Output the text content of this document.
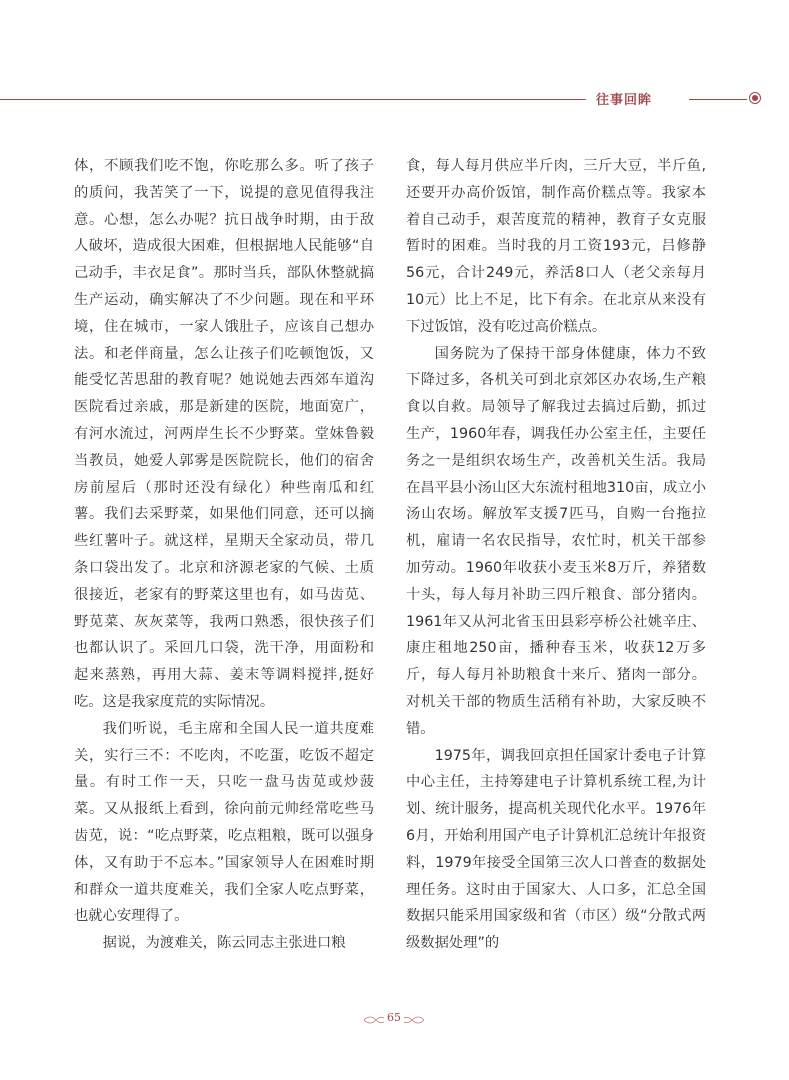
往事回眸

体，不顾我们吃不饱，你吃那么多。听了孩子的质问，我苦笑了一下，说提的意见值得我注意。心想，怎么办呢？抗日战争时期，由于敌人破坏，造成很大困难，但根据地人民能够“自己动手，丰衣足食”。那时当兵，部队休整就搞生产运动，确实解决了不少问题。现在和平环境，住在城市，一家人饿肚子，应该自己想办法。和老伴商量，怎么让孩子们吃顿饱饭，又能受忆苦思甜的教育呢？她说她去西郊车道沟医院看过亲戚，那是新建的医院，地面宽广，有河水流过，河两岸生长不少野菜。堂妹鲁毅当教员，她爱人郭雾是医院院长，他们的宿舍房前屋后（那时还没有绿化）种些南瓜和红薯。我们去采野菜，如果他们同意，还可以摘些红薯叶子。就这样，星期天全家动员，带几条口袋出发了。北京和济源老家的气候、土质很接近，老家有的野菜这里也有，如马齿苋、野苋菜、灰灰菜等，我两口熟悉，很快孩子们也都认识了。采回几口袋，洗干净，用面粉和起来蒸熟，再用大蒜、姜末等调料搅拌,挺好吃。这是我家度荒的实际情况。

我们听说，毛主席和全国人民一道共度难关，实行三不：不吃肉，不吃蛋，吃饭不超定量。有时工作一天，只吃一盘马齿苋或炒菠菜。又从报纸上看到，徐向前元帅经常吃些马齿苋，说：“吃点野菜，吃点粗粮，既可以强身体，又有助于不忘本。”国家领导人在困难时期和群众一道共度难关，我们全家人吃点野菜，也就心安理得了。

据说，为渡难关，陈云同志主张进口粮

食，每人每月供应半斤肉，三斤大豆，半斤鱼,还要开办高价饭馆，制作高价糕点等。我家本着自己动手，艰苦度荒的精神，教育子女克服暂时的困难。当时我的月工资193元，吕修静56元，合计249元，养活8口人（老父亲每月10元）比上不足，比下有余。在北京从来没有下过饭馆，没有吃过高价糕点。

国务院为了保持干部身体健康，体力不致下降过多，各机关可到北京郊区办农场,生产粮食以自救。局领导了解我过去搞过后勤，抓过生产，1960年春，调我任办公室主任，主要任务之一是组织农场生产，改善机关生活。我局在昌平县小汤山区大东流村租地310亩，成立小汤山农场。解放军支援7匹马，自购一台拖拉机，雇请一名农民指导，农忙时，机关干部参加劳动。1960年收获小麦玉米8万斤，养猪数十头，每人每月补助三四斤粮食、部分猪肉。1961年又从河北省玉田县彩亭桥公社姚辛庄、康庄租地250亩，播种春玉米，收获12万多斤，每人每月补助粮食十来斤、猪肉一部分。对机关干部的物质生活稍有补助，大家反映不错。

1975年，调我回京担任国家计委电子计算中心主任，主持筹建电子计算机系统工程,为计划、统计服务，提高机关现代化水平。1976年6月，开始利用国产电子计算机汇总统计年报资料，1979年接受全国第三次人口普查的数据处理任务。这时由于国家大、人口多，汇总全国数据只能采用国家级和省（市区）级“分散式两级数据处理”的

65
